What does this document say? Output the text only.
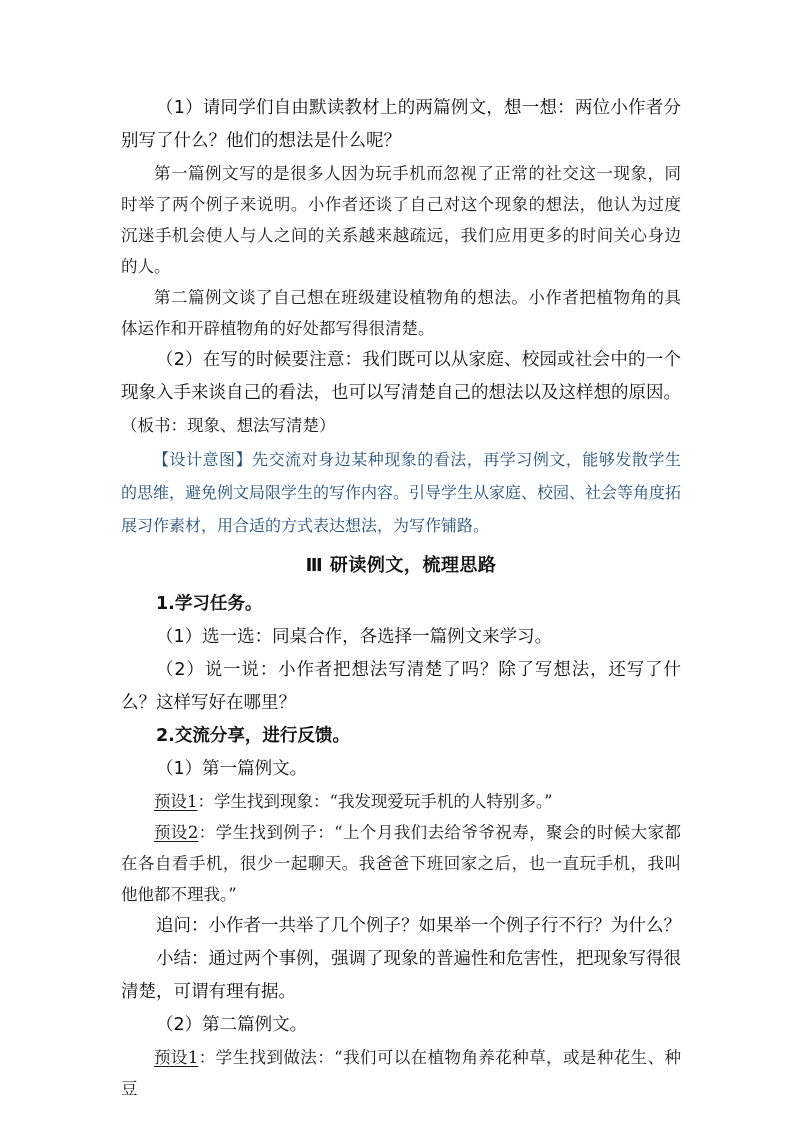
（1）请同学们自由默读教材上的两篇例文，想一想：两位小作者分别写了什么？他们的想法是什么呢？

第一篇例文写的是很多人因为玩手机而忽视了正常的社交这一现象，同时举了两个例子来说明。小作者还谈了自己对这个现象的想法，他认为过度沉迷手机会使人与人之间的关系越来越疏远，我们应用更多的时间关心身边的人。

第二篇例文谈了自己想在班级建设植物角的想法。小作者把植物角的具体运作和开辟植物角的好处都写得很清楚。

（2）在写的时候要注意：我们既可以从家庭、校园或社会中的一个现象入手来谈自己的看法，也可以写清楚自己的想法以及这样想的原因。（板书：现象、想法写清楚）

【设计意图】先交流对身边某种现象的看法，再学习例文，能够发散学生的思维，避免例文局限学生的写作内容。引导学生从家庭、校园、社会等角度拓展习作素材，用合适的方式表达想法，为写作铺路。

Ⅲ 研读例文，梳理思路

1.学习任务。

（1）选一选：同桌合作，各选择一篇例文来学习。

（2）说一说：小作者把想法写清楚了吗？除了写想法，还写了什么？这样写好在哪里？

2.交流分享，进行反馈。

（1）第一篇例文。

预设1：学生找到现象：“我发现爱玩手机的人特别多。”

预设2：学生找到例子：“上个月我们去给爷爷祝寿，聚会的时候大家都在各自看手机，很少一起聊天。我爸爸下班回家之后，也一直玩手机，我叫他他都不理我。”

追问：小作者一共举了几个例子？如果举一个例子行不行？为什么？

小结：通过两个事例，强调了现象的普遍性和危害性，把现象写得很清楚，可谓有理有据。

（2）第二篇例文。

预设1：学生找到做法：“我们可以在植物角养花种草，或是种花生、种豆
